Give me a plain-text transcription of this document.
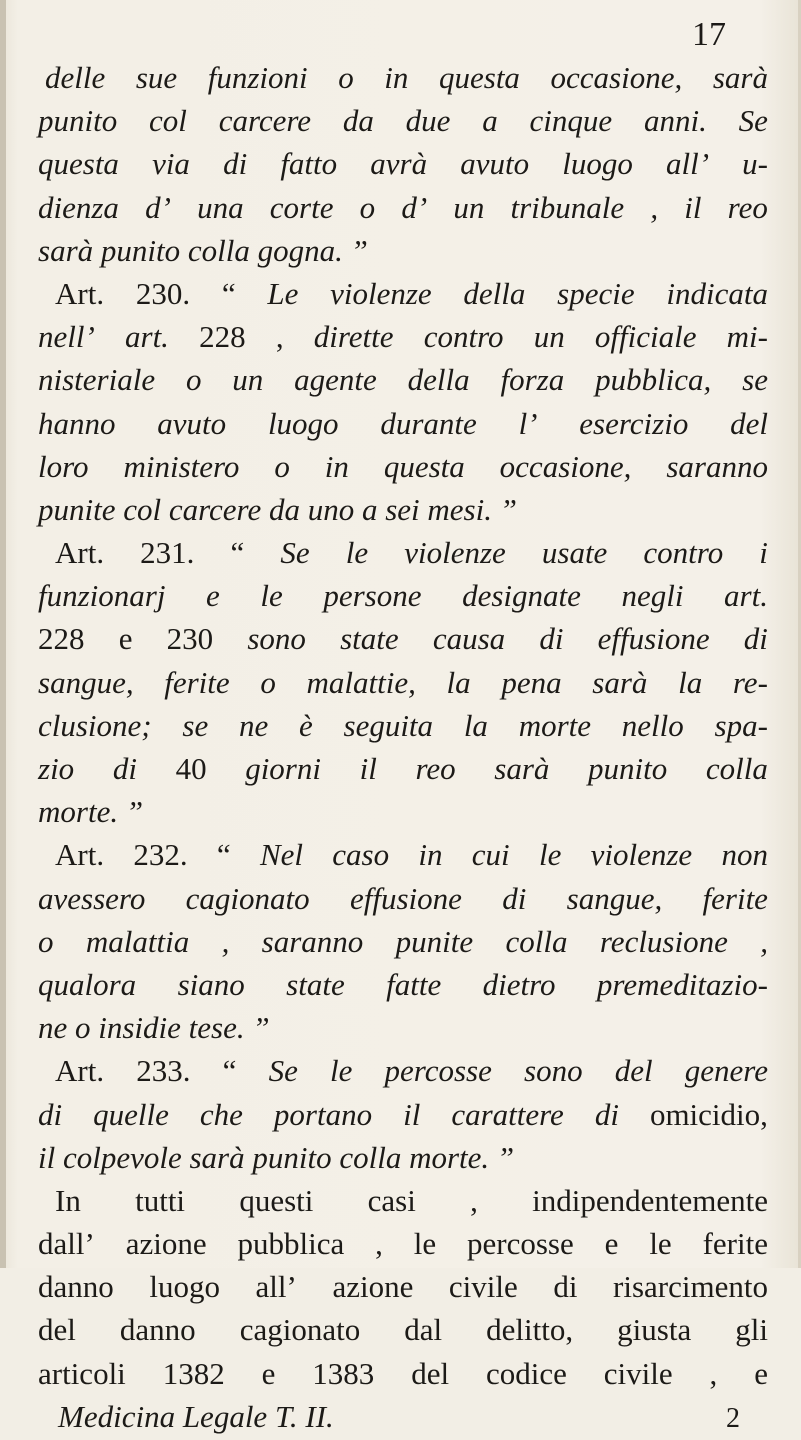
17
delle sue funzioni o in questa occasione, sarà
punito col carcere da due a cinque anni. Se
questa via di fatto avrà avuto luogo all’ u-
dienza d’ una corte o d’ un tribunale , il reo
sarà punito colla gogna. ”
Art. 230. “ Le violenze della specie indicata
nell’ art. 228 , dirette contro un officiale mi-
nisteriale o un agente della forza pubblica, se
hanno avuto luogo durante l’ esercizio del
loro ministero o in questa occasione, saranno
punite col carcere da uno a sei mesi. ”
Art. 231. “ Se le violenze usate contro i
funzionarj e le persone designate negli art.
228 e 230 sono state causa di effusione di
sangue, ferite o malattie, la pena sarà la re-
clusione; se ne è seguita la morte nello spa-
zio di 40 giorni il reo sarà punito colla
morte. ”
Art. 232. “ Nel caso in cui le violenze non
avessero cagionato effusione di sangue, ferite
o malattia , saranno punite colla reclusione ,
qualora siano state fatte dietro premeditazio-
ne o insidie tese. ”
Art. 233. “ Se le percosse sono del genere
di quelle che portano il carattere di omicidio,
il colpevole sarà punito colla morte. ”
In tutti questi casi , indipendentemente
dall’ azione pubblica , le percosse e le ferite
danno luogo all’ azione civile di risarcimento
del danno cagionato dal delitto, giusta gli
articoli 1382 e 1383 del codice civile , e
Medicina Legale T. II.	2
